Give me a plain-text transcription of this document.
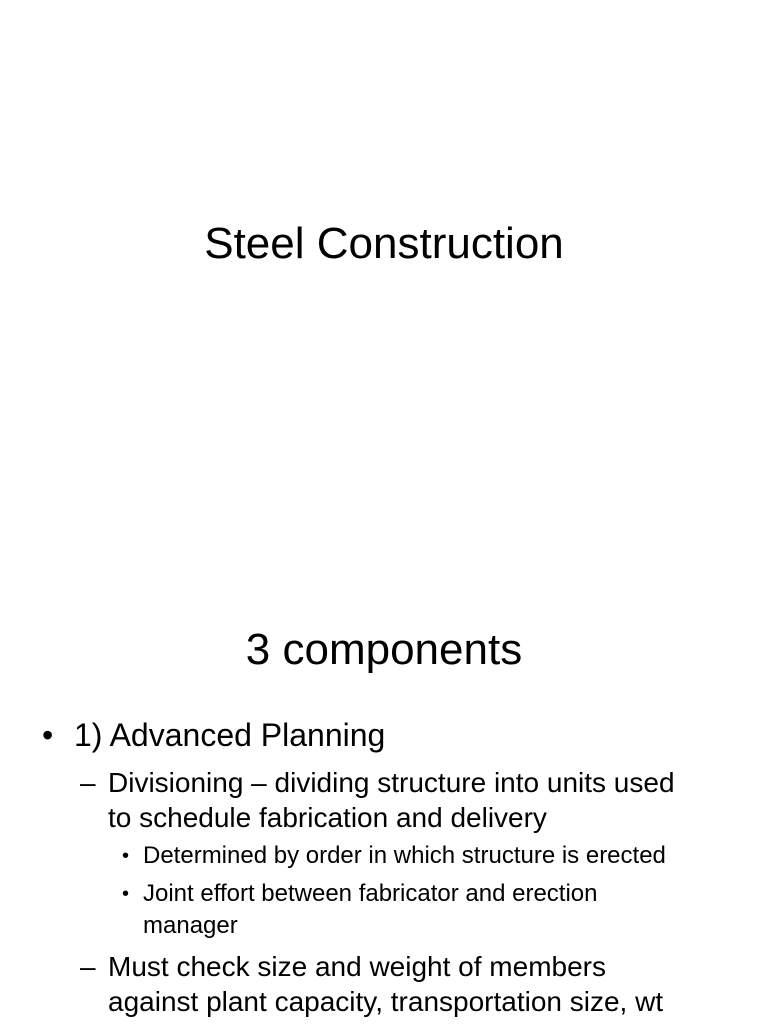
Steel Construction
3 components
• 1) Advanced Planning
– Divisioning – dividing structure into units used
to schedule fabrication and delivery
• Determined by order in which structure is erected
• Joint effort between fabricator and erection
manager
– Must check size and weight of members
against plant capacity, transportation size, wt
